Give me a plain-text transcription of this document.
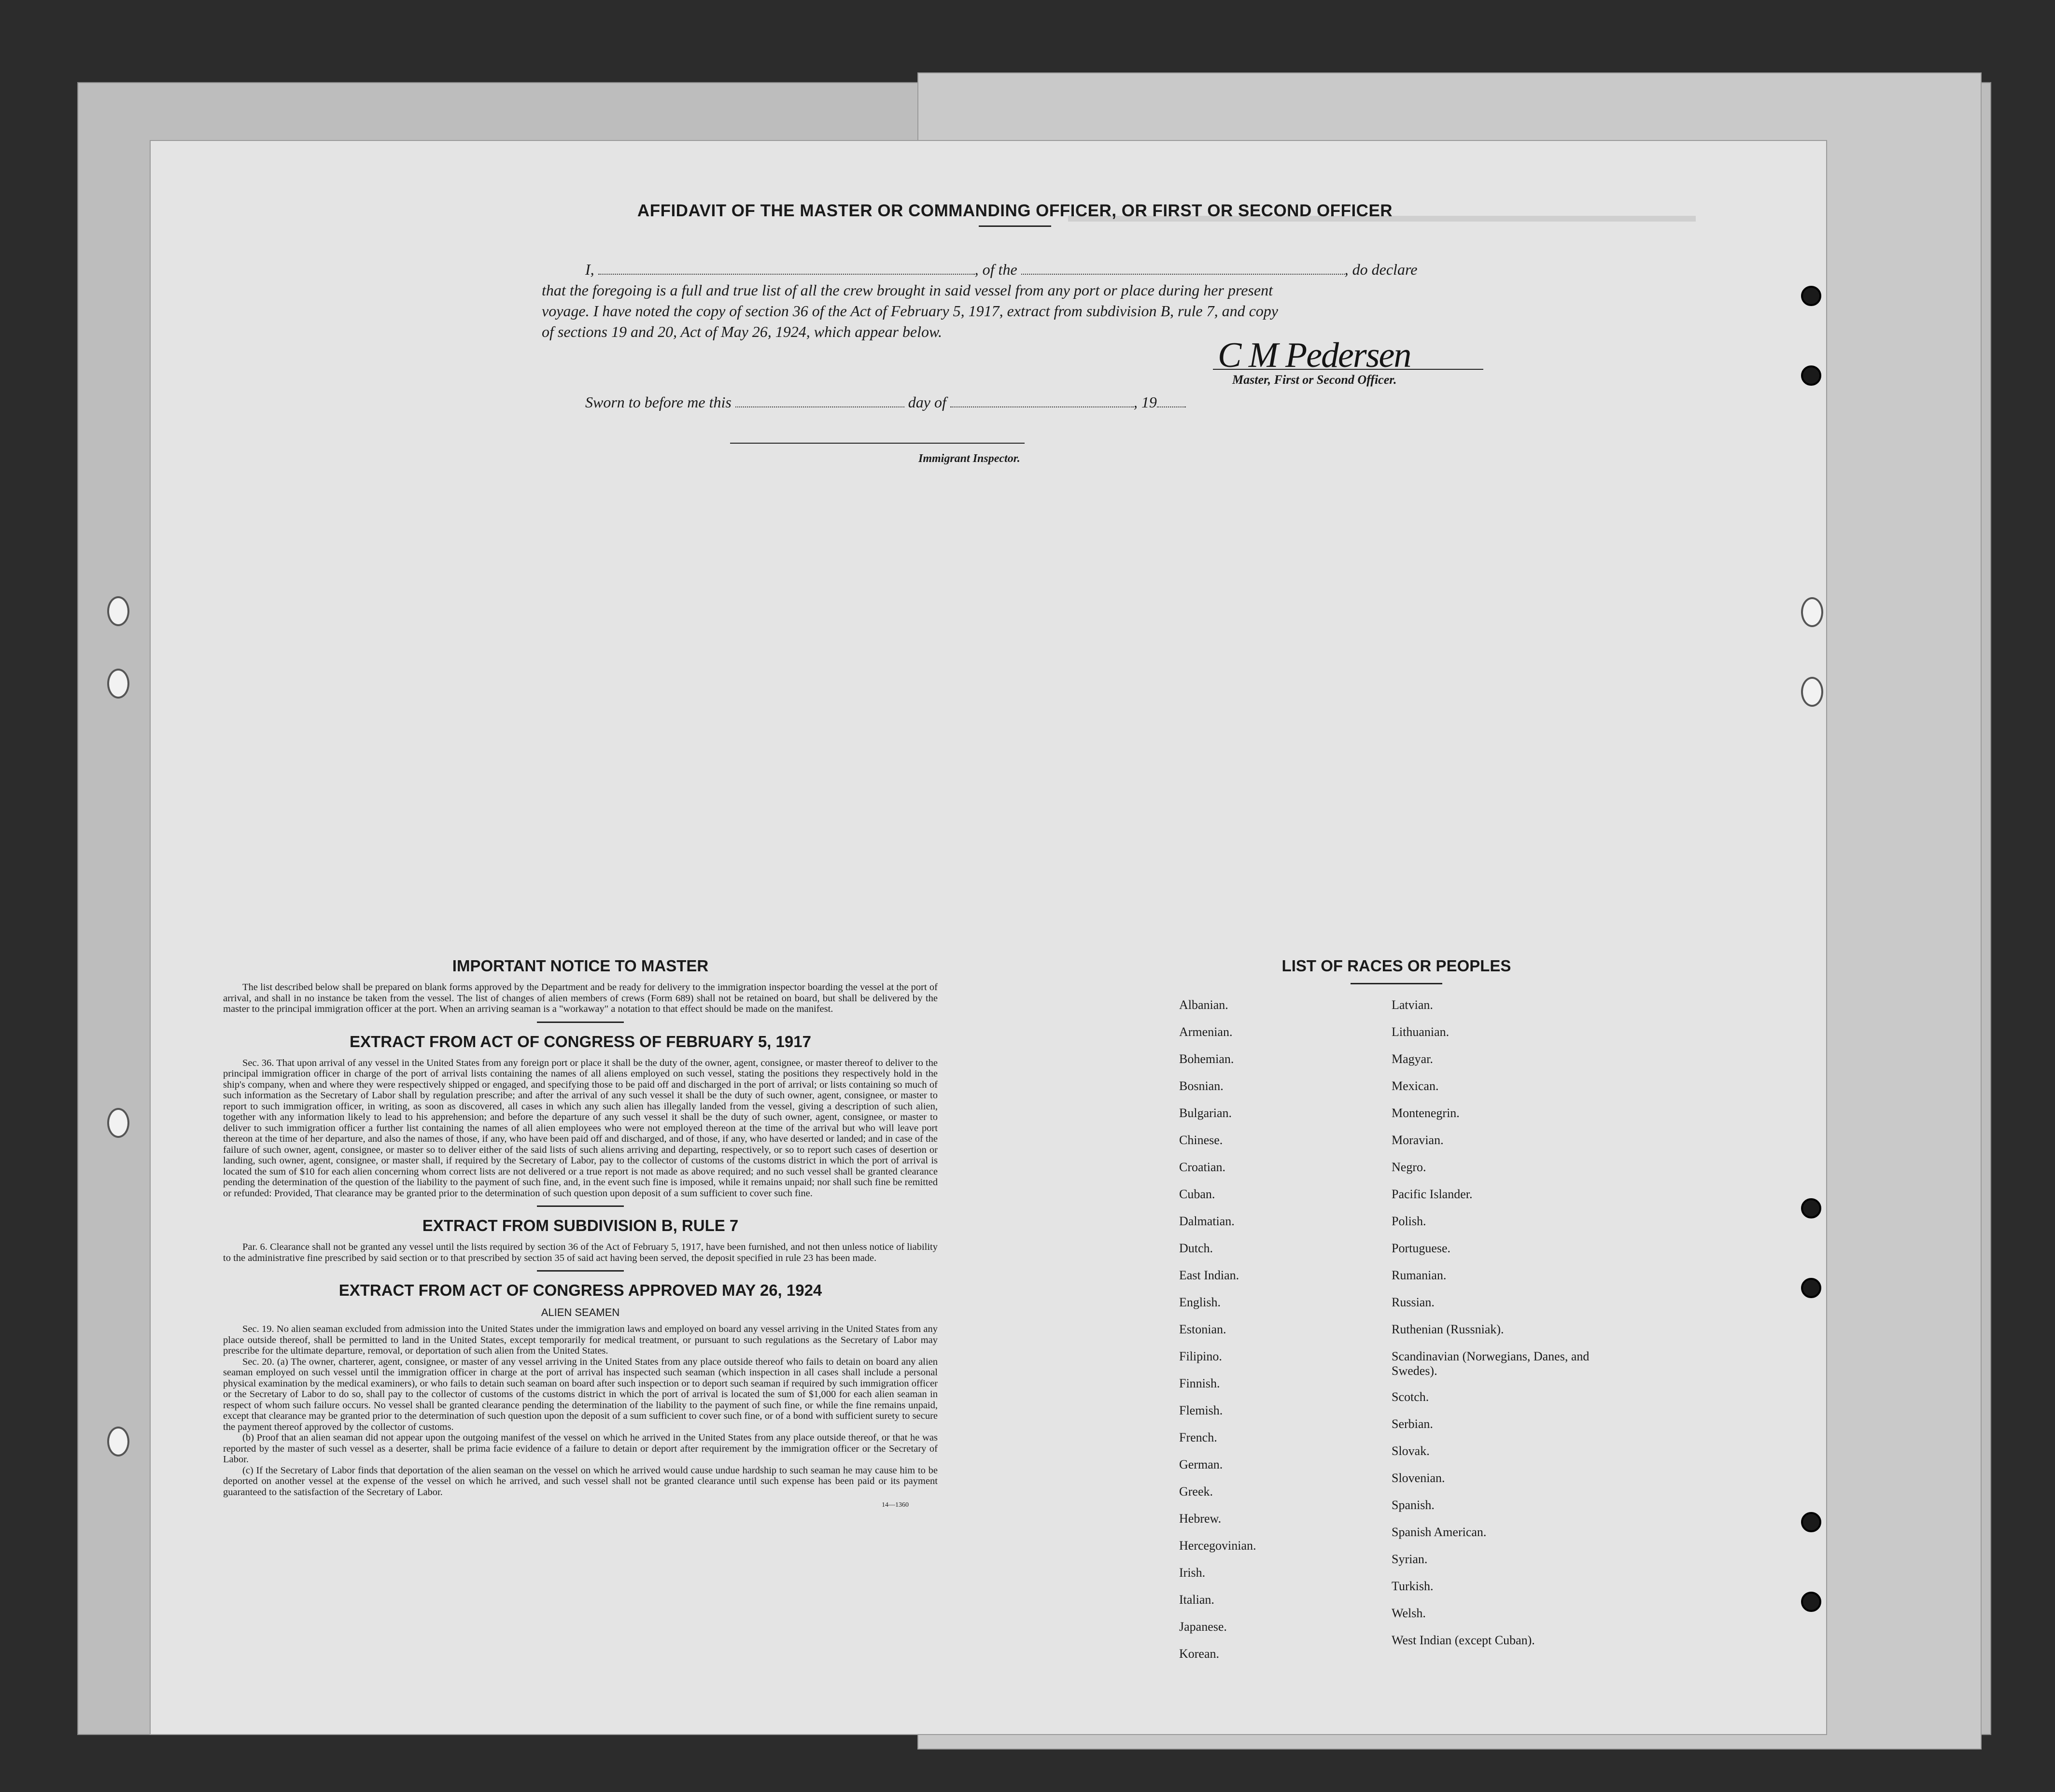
AFFIDAVIT OF THE MASTER OR COMMANDING OFFICER, OR FIRST OR SECOND OFFICER
I,	, of the	, do declare
that the foregoing is a full and true list of all the crew brought in said vessel from any port or place during her present
voyage. I have noted the copy of section 36 of the Act of February 5, 1917, extract from subdivision B, rule 7, and copy
of sections 19 and 20, Act of May 26, 1924, which appear below.
C M Pedersen
Master, First or Second Officer.
Sworn to before me this	day of	, 19
Immigrant Inspector.
IMPORTANT NOTICE TO MASTER

The list described below shall be prepared on blank forms approved by the Department and be ready for delivery to the immigration inspector boarding the vessel at the port of arrival, and shall in no instance be taken from the vessel. The list of changes of alien members of crews (Form 689) shall not be retained on board, but shall be delivered by the master to the principal immigration officer at the port. When an arriving seaman is a "workaway" a notation to that effect should be made on the manifest.

EXTRACT FROM ACT OF CONGRESS OF FEBRUARY 5, 1917

Sec. 36. That upon arrival of any vessel in the United States from any foreign port or place it shall be the duty of the owner, agent, consignee, or master thereof to deliver to the principal immigration officer in charge of the port of arrival lists containing the names of all aliens employed on such vessel, stating the positions they respectively hold in the ship's company, when and where they were respectively shipped or engaged, and specifying those to be paid off and discharged in the port of arrival; or lists containing so much of such information as the Secretary of Labor shall by regulation prescribe; and after the arrival of any such vessel it shall be the duty of such owner, agent, consignee, or master to report to such immigration officer, in writing, as soon as discovered, all cases in which any such alien has illegally landed from the vessel, giving a description of such alien, together with any information likely to lead to his apprehension; and before the departure of any such vessel it shall be the duty of such owner, agent, consignee, or master to deliver to such immigration officer a further list containing the names of all alien employees who were not employed thereon at the time of the arrival but who will leave port thereon at the time of her departure, and also the names of those, if any, who have been paid off and discharged, and of those, if any, who have deserted or landed; and in case of the failure of such owner, agent, consignee, or master so to deliver either of the said lists of such aliens arriving and departing, respectively, or so to report such cases of desertion or landing, such owner, agent, consignee, or master shall, if required by the Secretary of Labor, pay to the collector of customs of the customs district in which the port of arrival is located the sum of $10 for each alien concerning whom correct lists are not delivered or a true report is not made as above required; and no such vessel shall be granted clearance pending the determination of the question of the liability to the payment of such fine, and, in the event such fine is imposed, while it remains unpaid; nor shall such fine be remitted or refunded: Provided, That clearance may be granted prior to the determination of such question upon deposit of a sum sufficient to cover such fine.

EXTRACT FROM SUBDIVISION B, RULE 7

Par. 6. Clearance shall not be granted any vessel until the lists required by section 36 of the Act of February 5, 1917, have been furnished, and not then unless notice of liability to the administrative fine prescribed by said section or to that prescribed by section 35 of said act having been served, the deposit specified in rule 23 has been made.

EXTRACT FROM ACT OF CONGRESS APPROVED MAY 26, 1924

ALIEN SEAMEN

Sec. 19. No alien seaman excluded from admission into the United States under the immigration laws and employed on board any vessel arriving in the United States from any place outside thereof, shall be permitted to land in the United States, except temporarily for medical treatment, or pursuant to such regulations as the Secretary of Labor may prescribe for the ultimate departure, removal, or deportation of such alien from the United States.

Sec. 20. (a) The owner, charterer, agent, consignee, or master of any vessel arriving in the United States from any place outside thereof who fails to detain on board any alien seaman employed on such vessel until the immigration officer in charge at the port of arrival has inspected such seaman (which inspection in all cases shall include a personal physical examination by the medical examiners), or who fails to detain such seaman on board after such inspection or to deport such seaman if required by such immigration officer or the Secretary of Labor to do so, shall pay to the collector of customs of the customs district in which the port of arrival is located the sum of $1,000 for each alien seaman in respect of whom such failure occurs. No vessel shall be granted clearance pending the determination of the liability to the payment of such fine, or while the fine remains unpaid, except that clearance may be granted prior to the determination of such question upon the deposit of a sum sufficient to cover such fine, or of a bond with sufficient surety to secure the payment thereof approved by the collector of customs.

(b) Proof that an alien seaman did not appear upon the outgoing manifest of the vessel on which he arrived in the United States from any place outside thereof, or that he was reported by the master of such vessel as a deserter, shall be prima facie evidence of a failure to detain or deport after requirement by the immigration officer or the Secretary of Labor.

(c) If the Secretary of Labor finds that deportation of the alien seaman on the vessel on which he arrived would cause undue hardship to such seaman he may cause him to be deported on another vessel at the expense of the vessel on which he arrived, and such vessel shall not be granted clearance until such expense has been paid or its payment guaranteed to the satisfaction of the Secretary of Labor.

14—1360

LIST OF RACES OR PEOPLES
Albanian.
Armenian.
Bohemian.
Bosnian.
Bulgarian.
Chinese.
Croatian.
Cuban.
Dalmatian.
Dutch.
East Indian.
English.
Estonian.
Filipino.
Finnish.
Flemish.
French.
German.
Greek.
Hebrew.
Hercegovinian.
Irish.
Italian.
Japanese.
Korean.
Latvian.
Lithuanian.
Magyar.
Mexican.
Montenegrin.
Moravian.
Negro.
Pacific Islander.
Polish.
Portuguese.
Rumanian.
Russian.
Ruthenian (Russniak).
Scandinavian (Norwegians, Danes, and Swedes).
Scotch.
Serbian.
Slovak.
Slovenian.
Spanish.
Spanish American.
Syrian.
Turkish.
Welsh.
West Indian (except Cuban).
